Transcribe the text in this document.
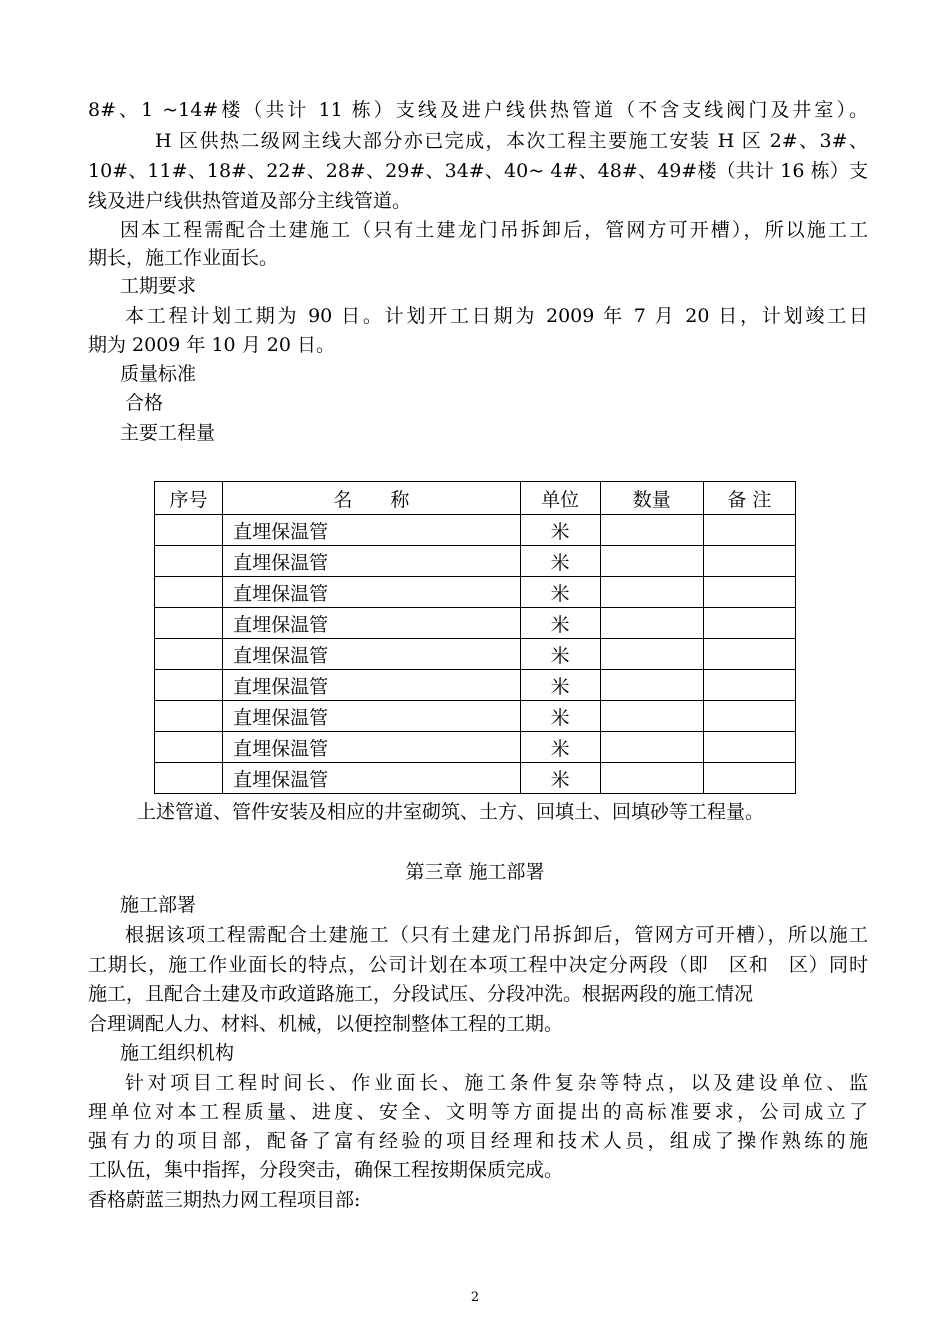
8#、1 ~14#楼（共计 11 栋）支线及进户线供热管道（不含支线阀门及井室）。
H 区供热二级网主线大部分亦已完成，本次工程主要施工安装 H 区 2#、3#、
10#、11#、18#、22#、28#、29#、34#、40~ 4#、48#、49#楼（共计 16 栋）支
线及进户线供热管道及部分主线管道。
因本工程需配合土建施工（只有土建龙门吊拆卸后，管网方可开槽），所以施工工
期长，施工作业面长。
工期要求
本工程计划工期为 90 日。计划开工日期为 2009 年 7 月 20 日，计划竣工日
期为 2009 年 10 月 20 日。
质量标准
合格
主要工程量
序号	名　　称	单位	数量	备 注
	直埋保温管	米		
	直埋保温管	米		
	直埋保温管	米		
	直埋保温管	米		
	直埋保温管	米		
	直埋保温管	米		
	直埋保温管	米		
	直埋保温管	米		
	直埋保温管	米		
上述管道、管件安装及相应的井室砌筑、土方、回填土、回填砂等工程量。
第三章 施工部署
施工部署
根据该项工程需配合土建施工（只有土建龙门吊拆卸后，管网方可开槽），所以施工
工期长，施工作业面长的特点，公司计划在本项工程中决定分两段（即　区和　区）同时
施工，且配合土建及市政道路施工，分段试压、分段冲洗。根据两段的施工情况
合理调配人力、材料、机械，以便控制整体工程的工期。
施工组织机构
针对项目工程时间长、作业面长、施工条件复杂等特点，以及建设单位、监
理单位对本工程质量、进度、安全、文明等方面提出的高标准要求，公司成立了
强有力的项目部，配备了富有经验的项目经理和技术人员，组成了操作熟练的施
工队伍，集中指挥，分段突击，确保工程按期保质完成。
香格蔚蓝三期热力网工程项目部:
2
